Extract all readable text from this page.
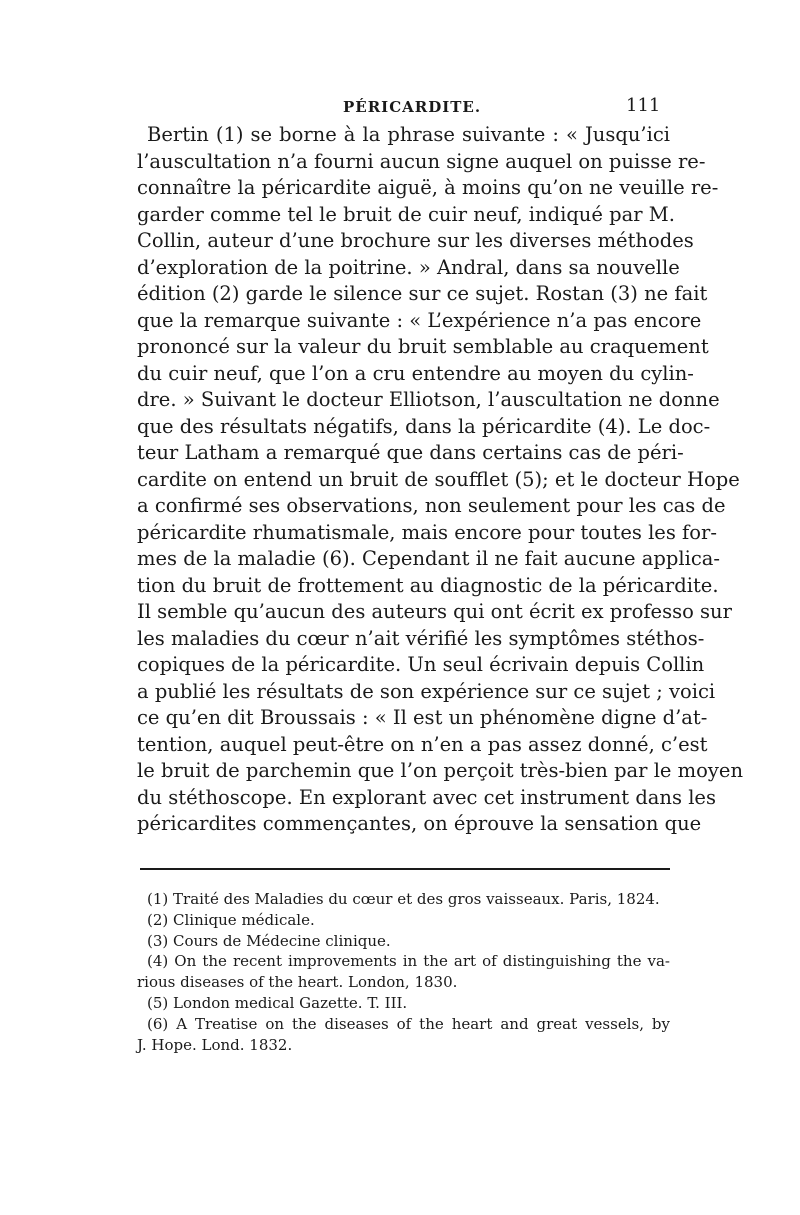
PÉRICARDITE.	111
Bertin (1) se borne à la phrase suivante : « Jusqu’ici
l’auscultation n’a fourni aucun signe auquel on puisse re-
connaître la péricardite aiguë, à moins qu’on ne veuille re-
garder comme tel le bruit de cuir neuf, indiqué par M.
Collin, auteur d’une brochure sur les diverses méthodes
d’exploration de la poitrine. » Andral, dans sa nouvelle
édition (2) garde le silence sur ce sujet. Rostan (3) ne fait
que la remarque suivante : « L’expérience n’a pas encore
prononcé sur la valeur du bruit semblable au craquement
du cuir neuf, que l’on a cru entendre au moyen du cylin-
dre. » Suivant le docteur Elliotson, l’auscultation ne donne
que des résultats négatifs, dans la péricardite (4). Le doc-
teur Latham a remarqué que dans certains cas de péri-
cardite on entend un bruit de soufflet (5); et le docteur Hope
a confirmé ses observations, non seulement pour les cas de
péricardite rhumatismale, mais encore pour toutes les for-
mes de la maladie (6). Cependant il ne fait aucune applica-
tion du bruit de frottement au diagnostic de la péricardite.
Il semble qu’aucun des auteurs qui ont écrit ex professo sur
les maladies du cœur n’ait vérifié les symptômes stéthos-
copiques de la péricardite. Un seul écrivain depuis Collin
a publié les résultats de son expérience sur ce sujet ; voici
ce qu’en dit Broussais : « Il est un phénomène digne d’at-
tention, auquel peut-être on n’en a pas assez donné, c’est
le bruit de parchemin que l’on perçoit très-bien par le moyen
du stéthoscope. En explorant avec cet instrument dans les
péricardites commençantes, on éprouve la sensation que
(1) Traité des Maladies du cœur et des gros vaisseaux. Paris, 1824.
(2) Clinique médicale.
(3) Cours de Médecine clinique.
(4) On the recent improvements in the art of distinguishing the va-
rious diseases of the heart. London, 1830.
(5) London medical Gazette. T. III.
(6) A Treatise on the diseases of the heart and great vessels, by
J. Hope. Lond. 1832.
